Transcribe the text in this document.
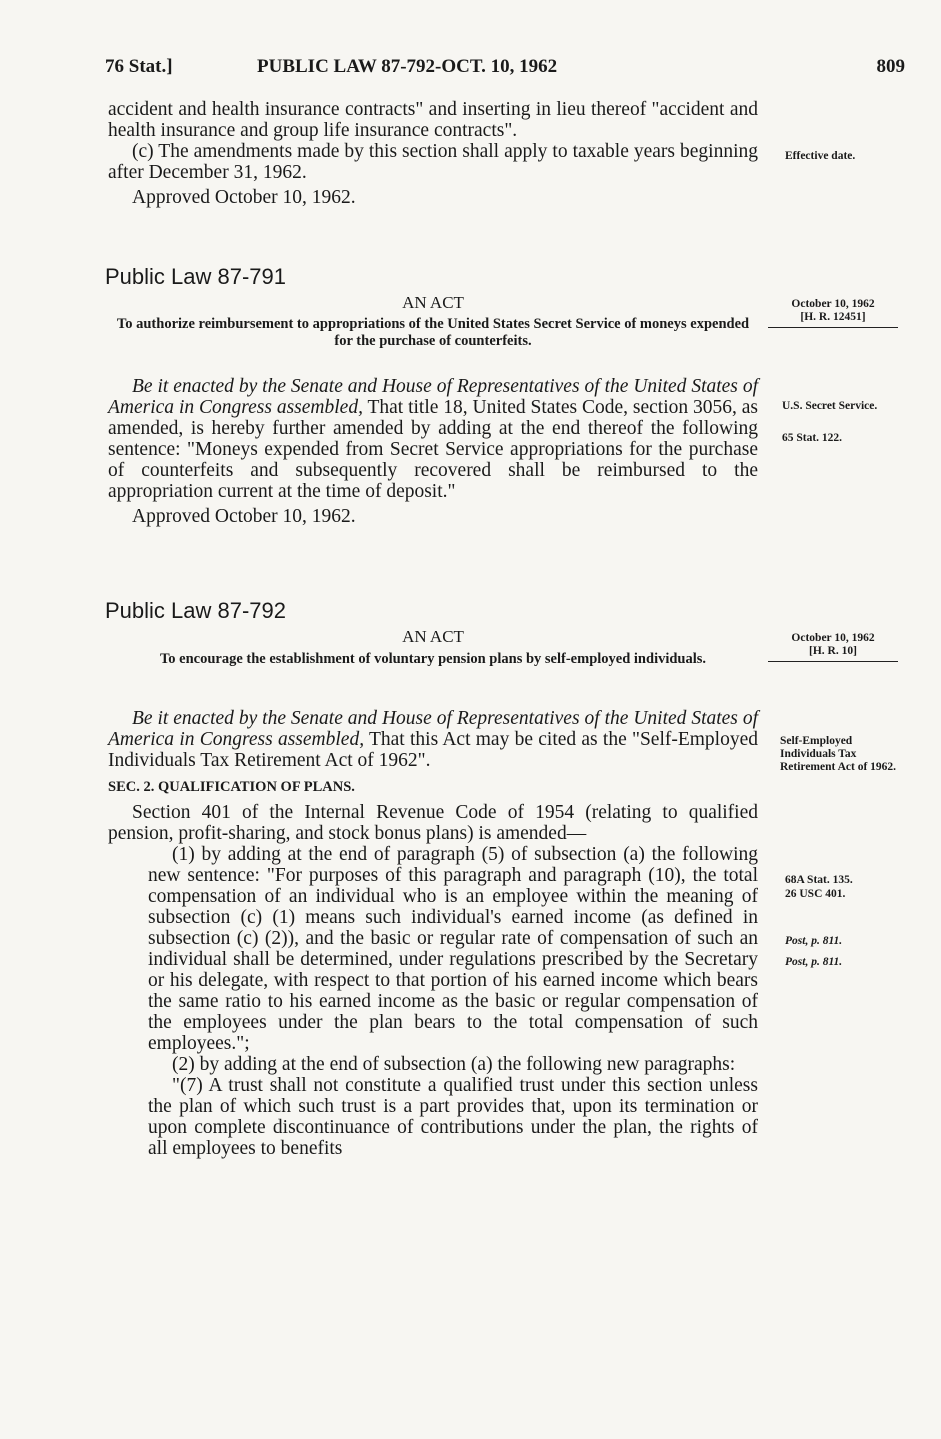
76 Stat.]	PUBLIC LAW 87-792-OCT. 10, 1962	809

accident and health insurance contracts" and inserting in lieu thereof "accident and health insurance and group life insurance contracts".

(c) The amendments made by this section shall apply to taxable years beginning after December 31, 1962.

Approved October 10, 1962.

Effective date.
Public Law 87-791
AN ACT
To authorize reimbursement to appropriations of the United States Secret Service of moneys expended for the purchase of counterfeits.
October 10, 1962
[H. R. 12451]

Be it enacted by the Senate and House of Representatives of the United States of America in Congress assembled, That title 18, United States Code, section 3056, as amended, is hereby further amended by adding at the end thereof the following sentence: "Moneys expended from Secret Service appropriations for the purchase of counterfeits and subsequently recovered shall be reimbursed to the appropriation current at the time of deposit."

Approved October 10, 1962.

U.S. Secret Service.
65 Stat. 122.
Public Law 87-792
AN ACT
To encourage the establishment of voluntary pension plans by self-employed individuals.
October 10, 1962
[H. R. 10]

Be it enacted by the Senate and House of Representatives of the United States of America in Congress assembled, That this Act may be cited as the "Self-Employed Individuals Tax Retirement Act of 1962".

SEC. 2. QUALIFICATION OF PLANS.

Section 401 of the Internal Revenue Code of 1954 (relating to qualified pension, profit-sharing, and stock bonus plans) is amended—

(1) by adding at the end of paragraph (5) of subsection (a) the following new sentence: "For purposes of this paragraph and paragraph (10), the total compensation of an individual who is an employee within the meaning of subsection (c) (1) means such individual's earned income (as defined in subsection (c) (2)), and the basic or regular rate of compensation of such an individual shall be determined, under regulations prescribed by the Secretary or his delegate, with respect to that portion of his earned income which bears the same ratio to his earned income as the basic or regular compensation of the employees under the plan bears to the total compensation of such employees.";

(2) by adding at the end of subsection (a) the following new paragraphs:

"(7) A trust shall not constitute a qualified trust under this section unless the plan of which such trust is a part provides that, upon its termination or upon complete discontinuance of contributions under the plan, the rights of all employees to benefits

Self-Employed Individuals Tax Retirement Act of 1962.
68A Stat. 135.
26 USC 401.
Post, p. 811.
Post, p. 811.
